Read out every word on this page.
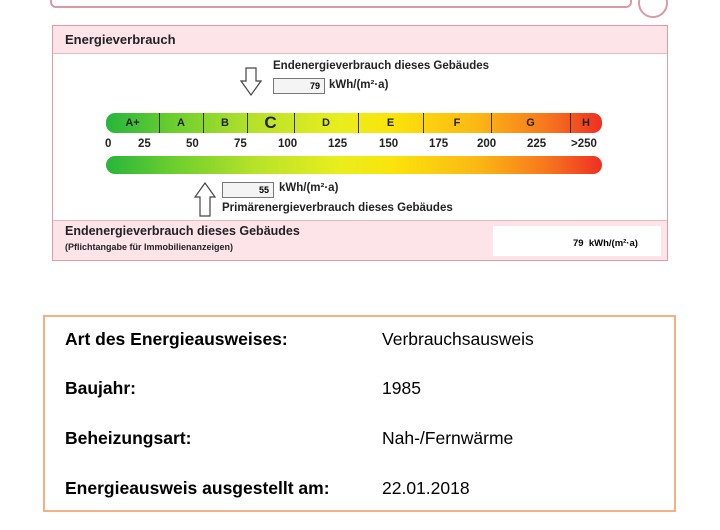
Energieverbrauch
Endenergieverbrauch dieses Gebäudes
79 kWh/(m²·a)
A+	A	B	C	D	E	F	G	H
0 25	50	75	100	125	150	175	200	225 >250
55 kWh/(m²·a)
Primärenergieverbrauch dieses Gebäudes
Endenergieverbrauch dieses Gebäudes
(Pflichtangabe für Immobilienanzeigen)	79  kWh/(m²·a)
Art des Energieausweises:	Verbrauchsausweis
Baujahr:	1985
Beheizungsart:	Nah-/Fernwärme
Energieausweis ausgestellt am:	22.01.2018
